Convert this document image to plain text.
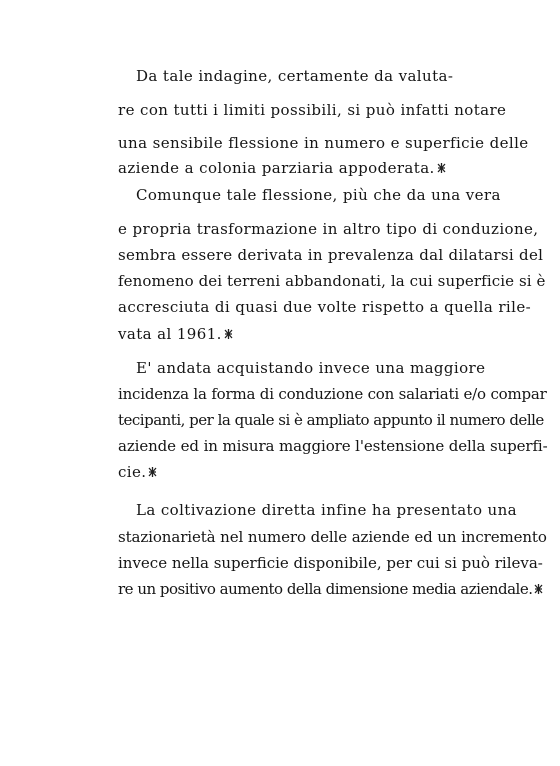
Da tale indagine, certamente da valuta-
re con tutti i limiti possibili, si può infatti notare
una sensibile flessione in numero e superficie delle
aziende a colonia parziaria appoderata.
Comunque tale flessione, più che da una vera
e propria trasformazione in altro tipo di conduzione,
sembra essere derivata in prevalenza dal dilatarsi del
fenomeno dei terreni abbandonati, la cui superficie si è
accresciuta di quasi due volte rispetto a quella rile-
vata al 1961.
E' andata acquistando invece una maggiore
incidenza la forma di conduzione con salariati e/o compar
tecipanti, per la quale si è ampliato appunto il numero delle
aziende ed in misura maggiore l'estensione della superfi-
cie.
La coltivazione diretta infine ha presentato una
stazionarietà nel numero delle aziende ed un incremento
invece nella superficie disponibile, per cui si può rileva-
re un positivo aumento della dimensione media aziendale.
